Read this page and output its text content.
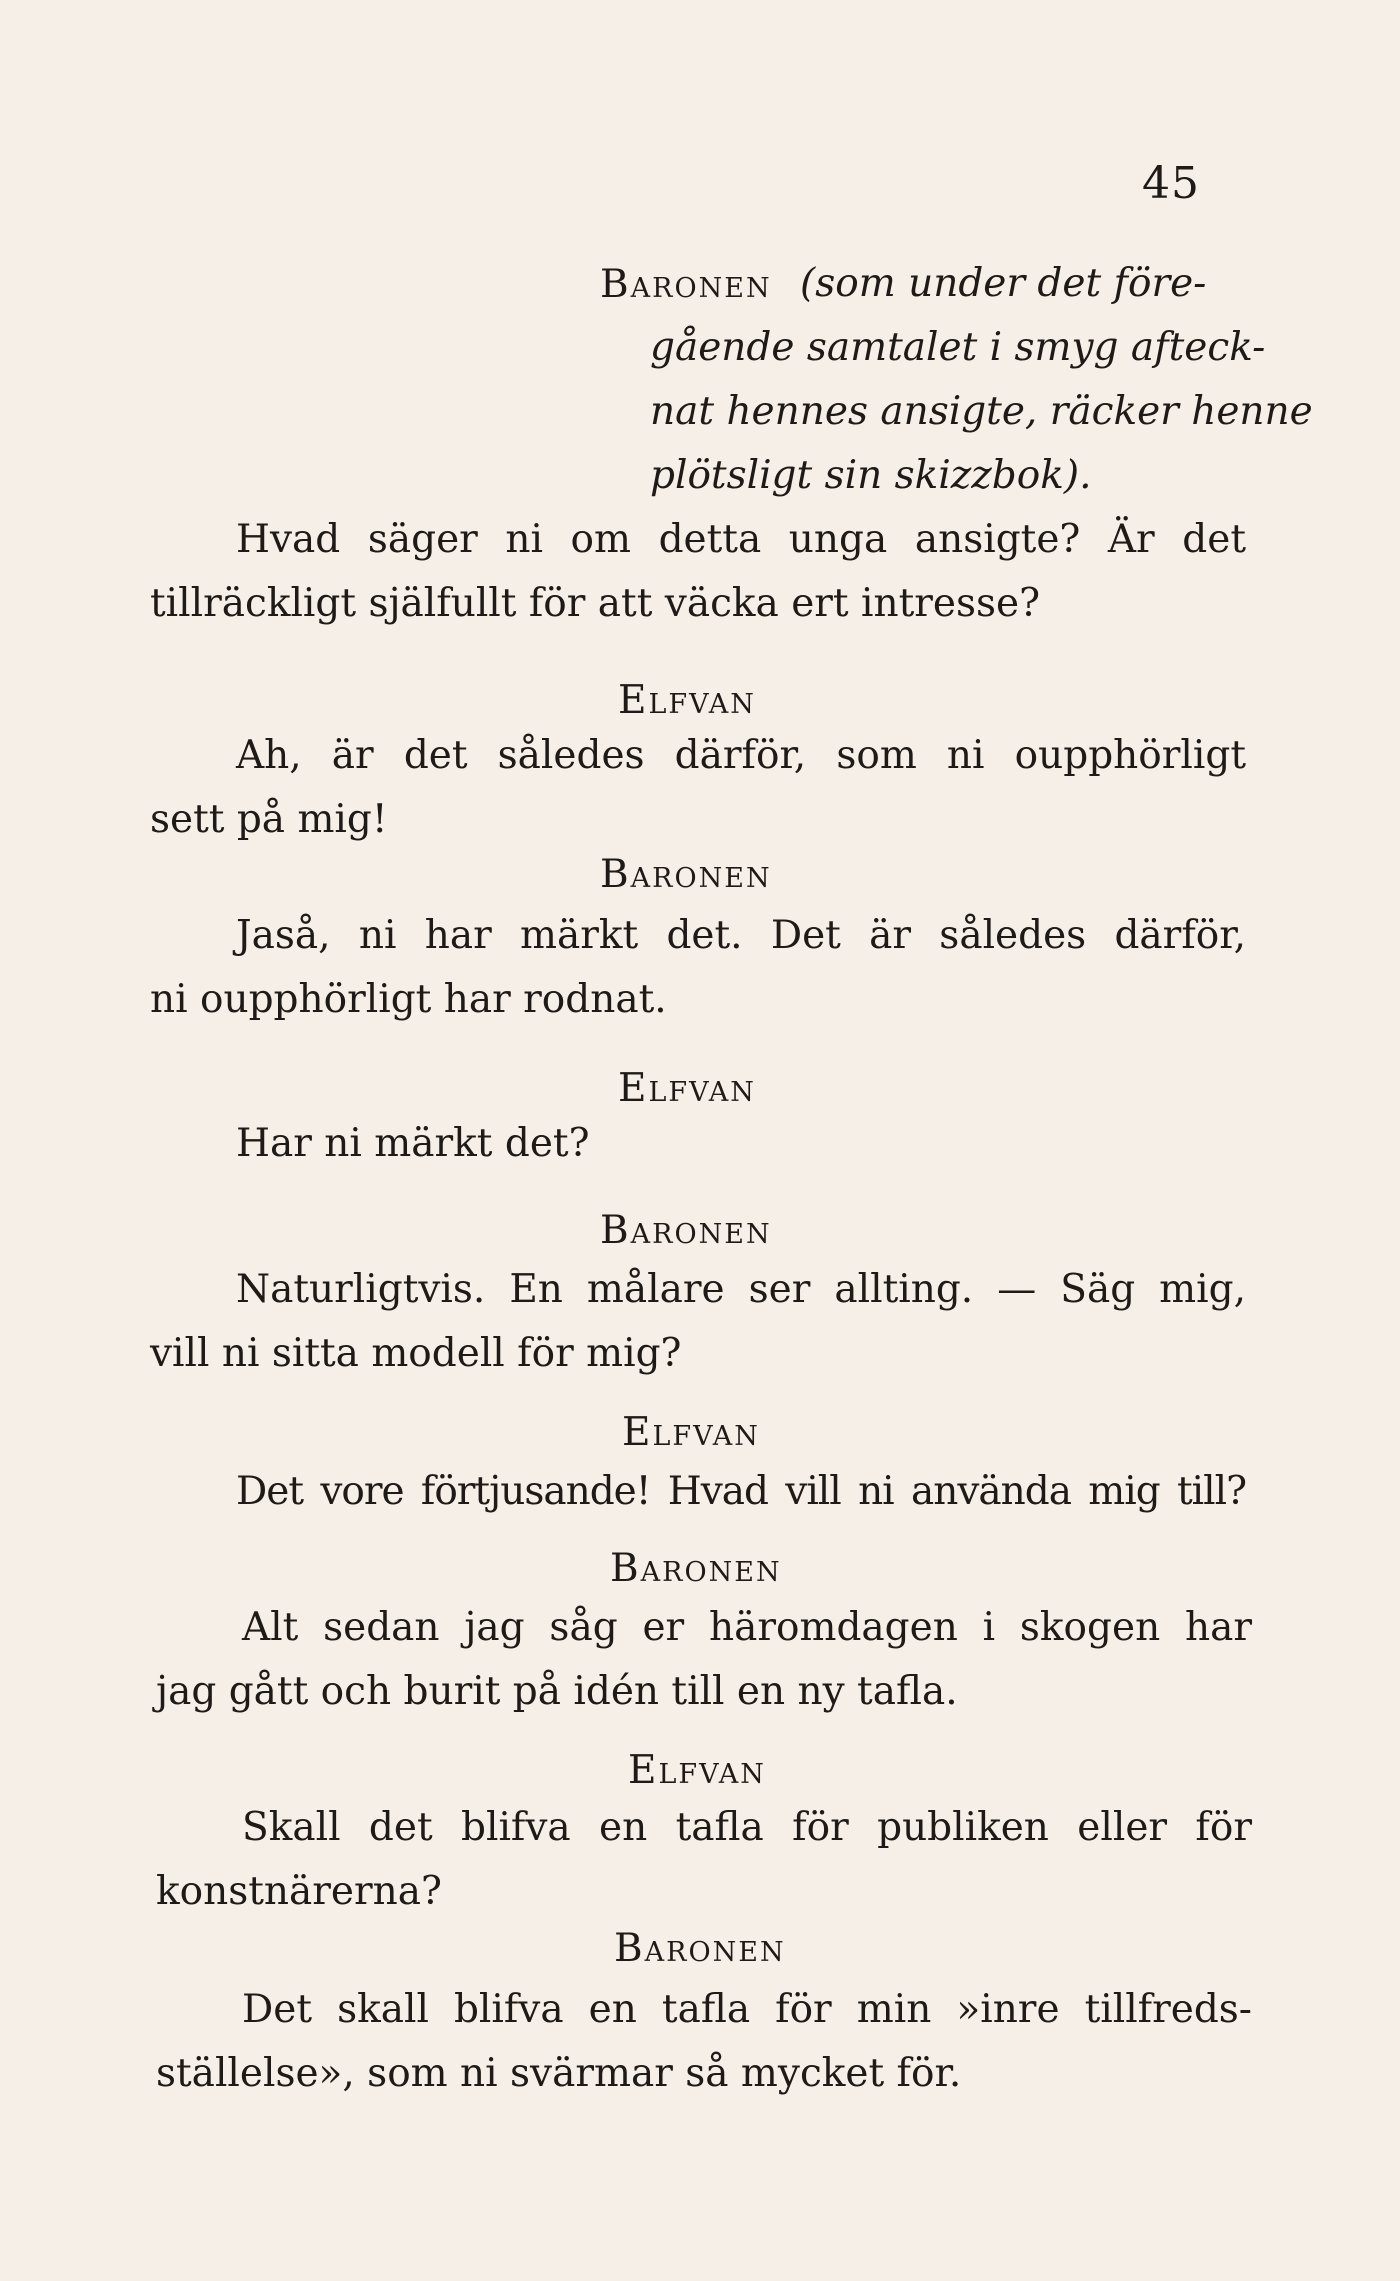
45
Baronen (som under det före-
gående samtalet i smyg afteck-
nat hennes ansigte, räcker henne
plötsligt sin skizzbok).
Hvad säger ni om detta unga ansigte? Är det
tillräckligt själfullt för att väcka ert intresse?
Elfvan
Ah, är det således därför, som ni oupphörligt
sett på mig!
Baronen
Jaså, ni har märkt det. Det är således därför,
ni oupphörligt har rodnat.
Elfvan
Har ni märkt det?
Baronen
Naturligtvis. En målare ser allting. — Säg mig,
vill ni sitta modell för mig?
Elfvan
Det vore förtjusande! Hvad vill ni använda mig till?
Baronen
Alt sedan jag såg er häromdagen i skogen har
jag gått och burit på idén till en ny tafla.
Elfvan
Skall det blifva en tafla för publiken eller för
konstnärerna?
Baronen
Det skall blifva en tafla för min »inre tillfreds-
ställelse», som ni svärmar så mycket för.
